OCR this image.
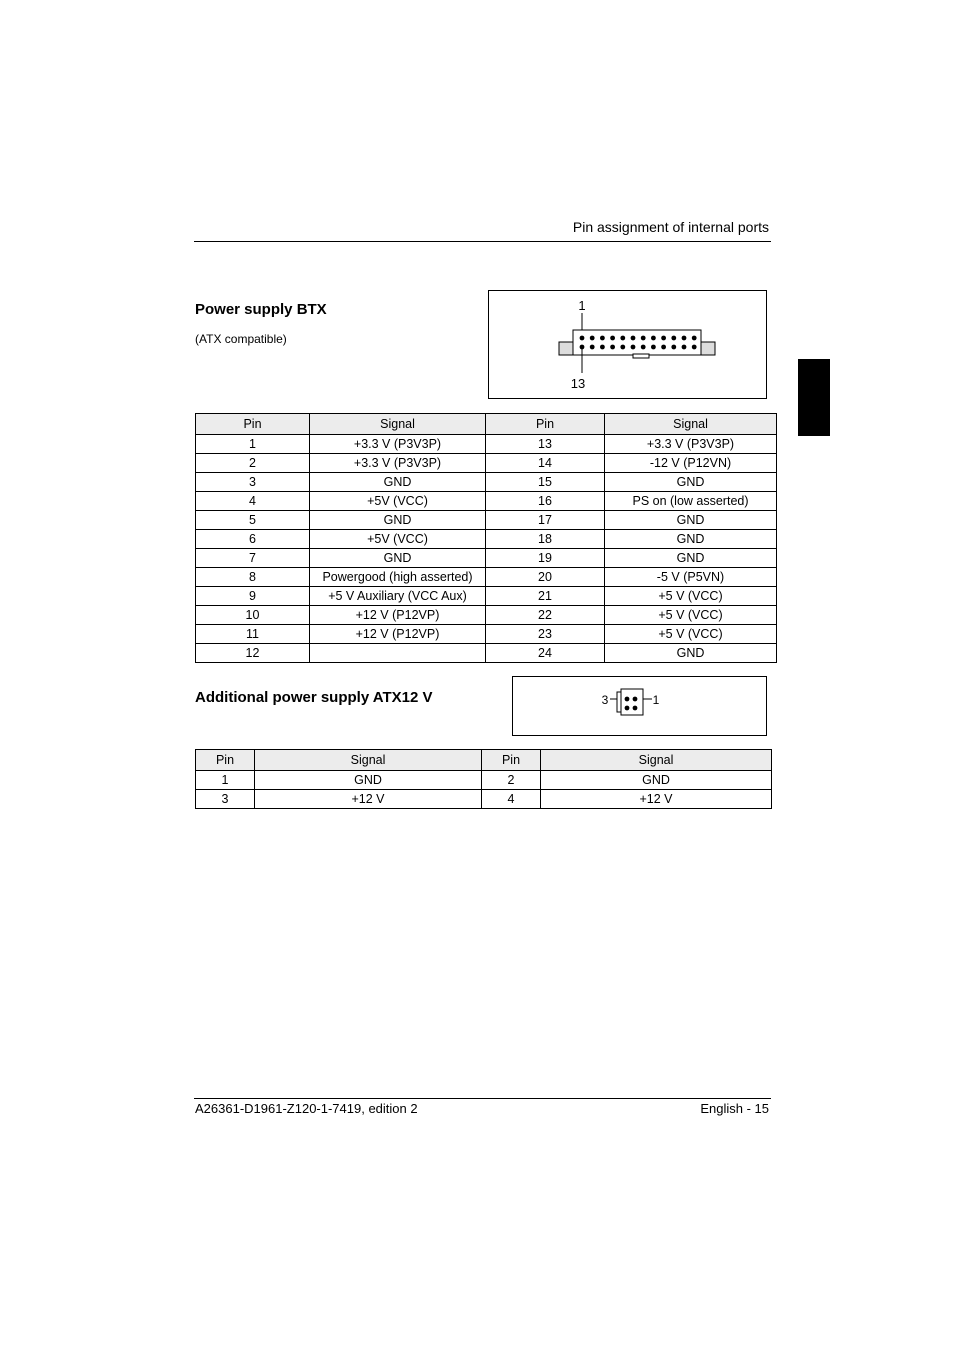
Pin assignment of internal ports
Power supply BTX
(ATX compatible)
1
13
Pin	Signal	Pin	Signal
1	+3.3 V (P3V3P)	13	+3.3 V (P3V3P)
2	+3.3 V (P3V3P)	14	-12 V (P12VN)
3	GND	15	GND
4	+5V (VCC)	16	PS on (low asserted)
5	GND	17	GND
6	+5V (VCC)	18	GND
7	GND	19	GND
8	Powergood (high asserted)	20	-5 V (P5VN)
9	+5 V Auxiliary (VCC Aux)	21	+5 V (VCC)
10	+12 V (P12VP)	22	+5 V (VCC)
11	+12 V (P12VP)	23	+5 V (VCC)
12		24	GND
Additional power supply ATX12 V	3	1
Pin	Signal	Pin	Signal
1	GND	2	GND
3	+12 V	4	+12 V
A26361-D1961-Z120-1-7419, edition 2	English - 15
